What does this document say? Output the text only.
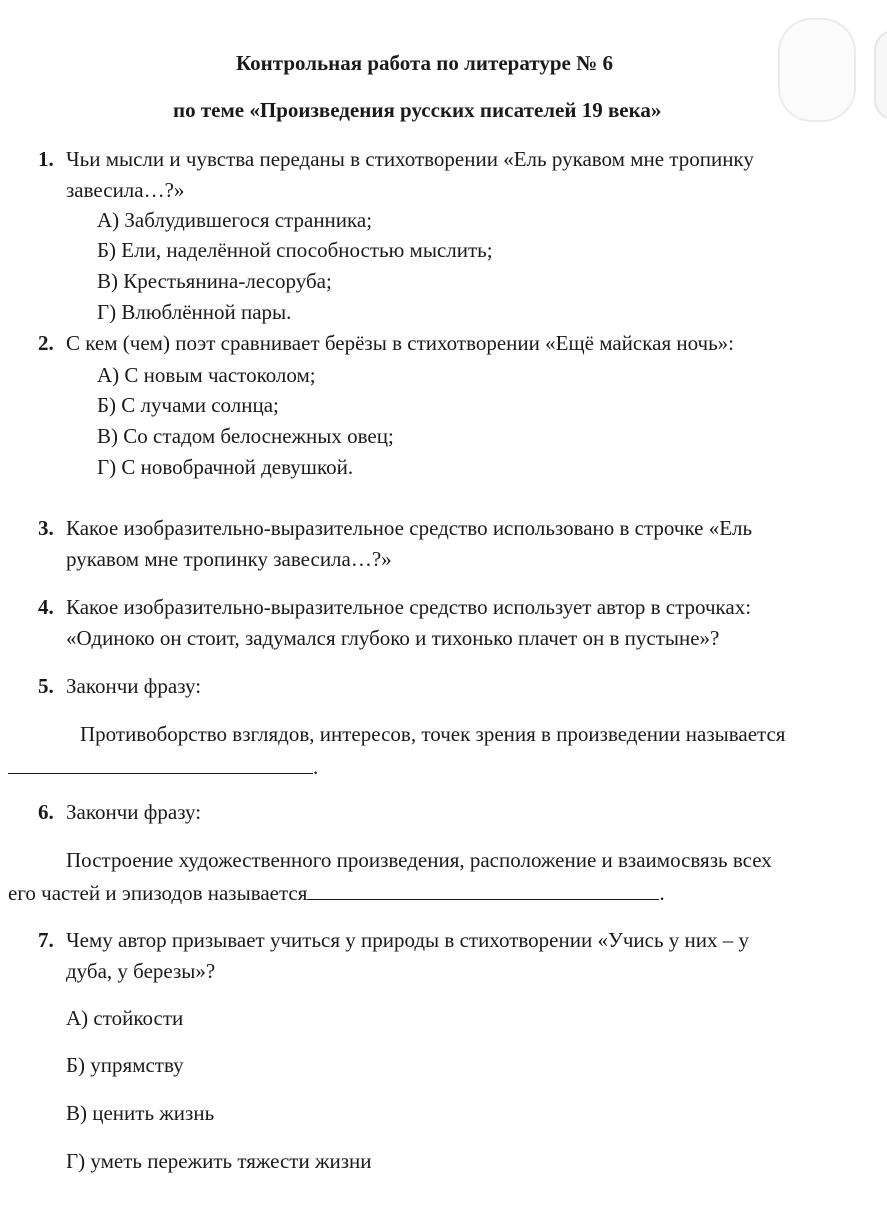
Контрольная работа по литературе № 6
по теме «Произведения русских писателей 19 века»
1. Чьи мысли и чувства переданы в стихотворении «Ель рукавом мне тропинку
завесила…?»
А) Заблудившегося странника;
Б) Ели, наделённой способностью мыслить;
В) Крестьянина-лесоруба;
Г) Влюблённой пары.
2. С кем (чем) поэт сравнивает берёзы в стихотворении «Ещё майская ночь»:
А) С новым частоколом;
Б) С лучами солнца;
В) Со стадом белоснежных овец;
Г) С новобрачной девушкой.
3. Какое изобразительно-выразительное средство использовано в строчке «Ель
рукавом мне тропинку завесила…?»
4. Какое изобразительно-выразительное средство использует автор в строчках:
«Одиноко он стоит, задумался глубоко и тихонько плачет он в пустыне»?
5. Закончи фразу:
Противоборство взглядов, интересов, точек зрения в произведении называется
.
6. Закончи фразу:
Построение художественного произведения, расположение и взаимосвязь всех
его частей и эпизодов называется	.
7. Чему автор призывает учиться у природы в стихотворении «Учись у них – у
дуба, у березы»?
А) стойкости
Б) упрямству
В) ценить жизнь
Г) уметь пережить тяжести жизни
